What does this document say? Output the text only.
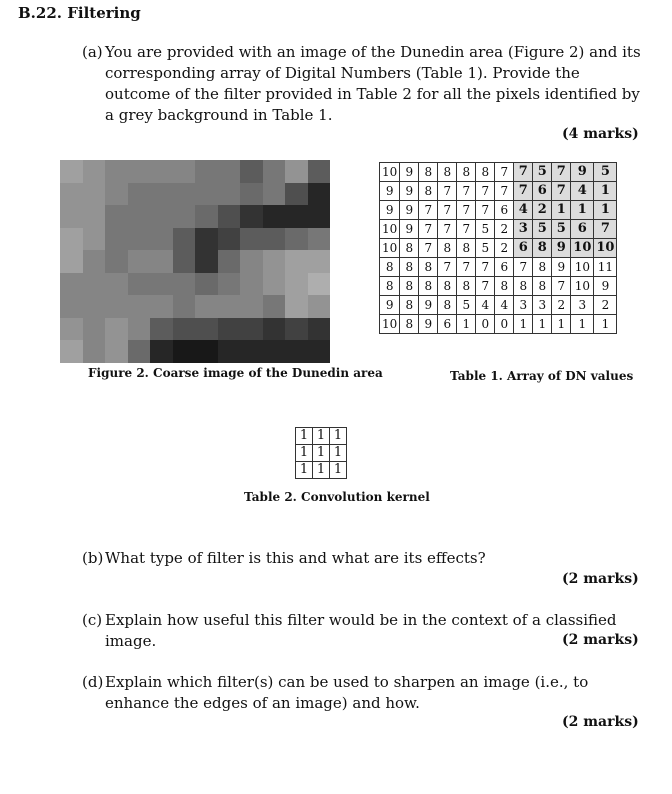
B.22. Filtering
(a) You are provided with an image of the Dunedin area (Figure 2) and its corresponding array of Digital Numbers (Table 1). Provide the outcome of the filter provided in Table 2 for all the pixels identified by a grey background in Table 1.
(4 marks)
Figure 2. Coarse image of the Dunedin area
10	9	8	8	8	8	7	7	5	7	9	5
9	9	8	7	7	7	7	7	6	7	4	1
9	9	7	7	7	7	6	4	2	1	1	1
10	9	7	7	7	5	2	3	5	5	6	7
10	8	7	8	8	5	2	6	8	9	10	10
8	8	8	7	7	7	6	7	8	9	10	11
8	8	8	8	8	7	8	8	8	7	10	9
9	8	9	8	5	4	4	3	3	2	3	2
10	8	9	6	1	0	0	1	1	1	1	1
Table 1. Array of DN values
1	1	1
1	1	1
1	1	1
Table 2. Convolution kernel
(b) What type of filter is this and what are its effects?
(2 marks)
(c) Explain how useful this filter would be in the context of a classified image.	(2 marks)
(d) Explain which filter(s) can be used to sharpen an image (i.e., to enhance the edges of an image) and how.
(2 marks)
